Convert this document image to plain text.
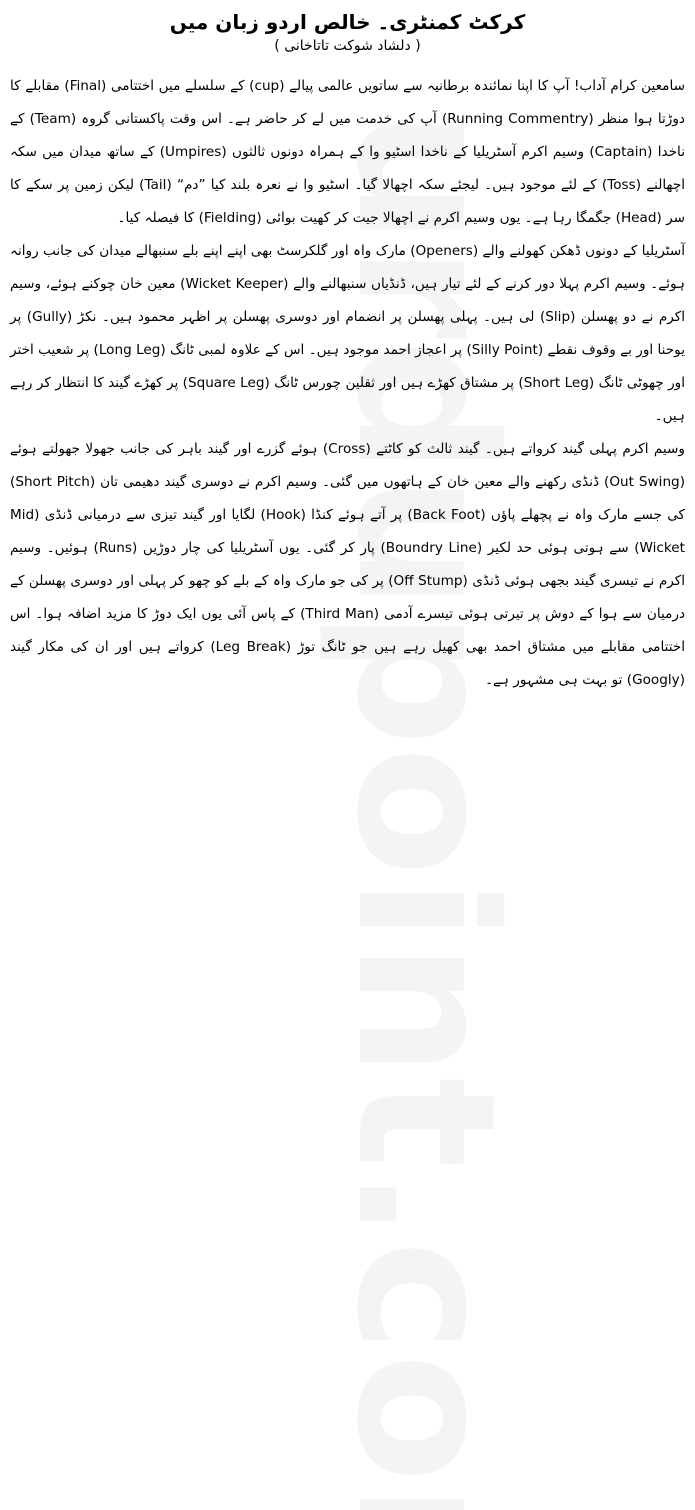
کرکٹ کمنٹری۔ خالص اردو زبان میں
( دلشاد شوکت تاتاخانی )

سامعین کرام آداب! آپ کا اپنا نمائندہ برطانیہ سے ساتویں عالمی پیالے (cup) کے سلسلے میں اختتامی (Final) مقابلے کا دوڑتا ہوا منظر (Running Commentry) آپ کی خدمت میں لے کر حاضر ہے۔ اس وقت پاکستانی گروہ (Team) کے ناخدا (Captain) وسیم اکرم آسٹریلیا کے ناخدا اسٹیو وا کے ہمراہ دونوں ثالثوں (Umpires) کے ساتھ میدان میں سکہ اچھالنے (Toss) کے لئے موجود ہیں۔ لیجئے سکہ اچھالا گیا۔ اسٹیو وا نے نعرہ بلند کیا ”دم“ (Tail) لیکن زمین پر سکے کا سر (Head) جگمگا رہا ہے۔ یوں وسیم اکرم نے اچھالا جیت کر کھیت بوائی (Fielding) کا فیصلہ کیا۔

آسٹریلیا کے دونوں ڈھکن کھولنے والے (Openers) مارک واہ اور گلکرسٹ بھی اپنے اپنے بلے سنبھالے میدان کی جانب روانہ ہوئے۔ وسیم اکرم پہلا دور کرنے کے لئے تیار ہیں، ڈنڈیاں سنبھالنے والے (Wicket Keeper) معین خان چوکنے ہوئے، وسیم اکرم نے دو پھسلن (Slip) لی ہیں۔ پہلی پھسلن پر انضمام اور دوسری پھسلن پر اظہر محمود ہیں۔ نکڑ (Gully) پر یوحنا اور بے وقوف نقطے (Silly Point) پر اعجاز احمد موجود ہیں۔ اس کے علاوہ لمبی ٹانگ (Long Leg) پر شعیب اختر اور چھوٹی ٹانگ (Short Leg) پر مشتاق کھڑے ہیں اور ثقلین چورس ٹانگ (Square Leg) پر کھڑے گیند کا انتظار کر رہے ہیں۔

وسیم اکرم پہلی گیند کرواتے ہیں۔ گیند ثالث کو کاٹتے (Cross) ہوئے گزرے اور گیند باہر کی جانب جھولا جھولتے ہوئے (Out Swing) ڈنڈی رکھنے والے معین خان کے ہاتھوں میں گئی۔ وسیم اکرم نے دوسری گیند دھیمی تان (Short Pitch) کی جسے مارک واہ نے پچھلے پاؤں (Back Foot) پر آتے ہوئے کنڈا (Hook) لگایا اور گیند تیزی سے درمیانی ڈنڈی (Mid Wicket) سے ہوتی ہوئی حد لکیر (Boundry Line) پار کر گئی۔ یوں آسٹریلیا کی چار دوڑیں (Runs) ہوئیں۔ وسیم اکرم نے تیسری گیند بجھی ہوئی ڈنڈی (Off Stump) پر کی جو مارک واہ کے بلے کو چھو کر پہلی اور دوسری پھسلن کے درمیان سے ہوا کے دوش پر تیرتی ہوئی تیسرے آدمی (Third Man) کے پاس آئی یوں ایک دوڑ کا مزید اضافہ ہوا۔ اس اختتامی مقابلے میں مشتاق احمد بھی کھیل رہے ہیں جو ٹانگ توڑ (Leg Break) کرواتے ہیں اور ان کی مکار گیند (Googly) تو بہت ہی مشہور ہے۔
